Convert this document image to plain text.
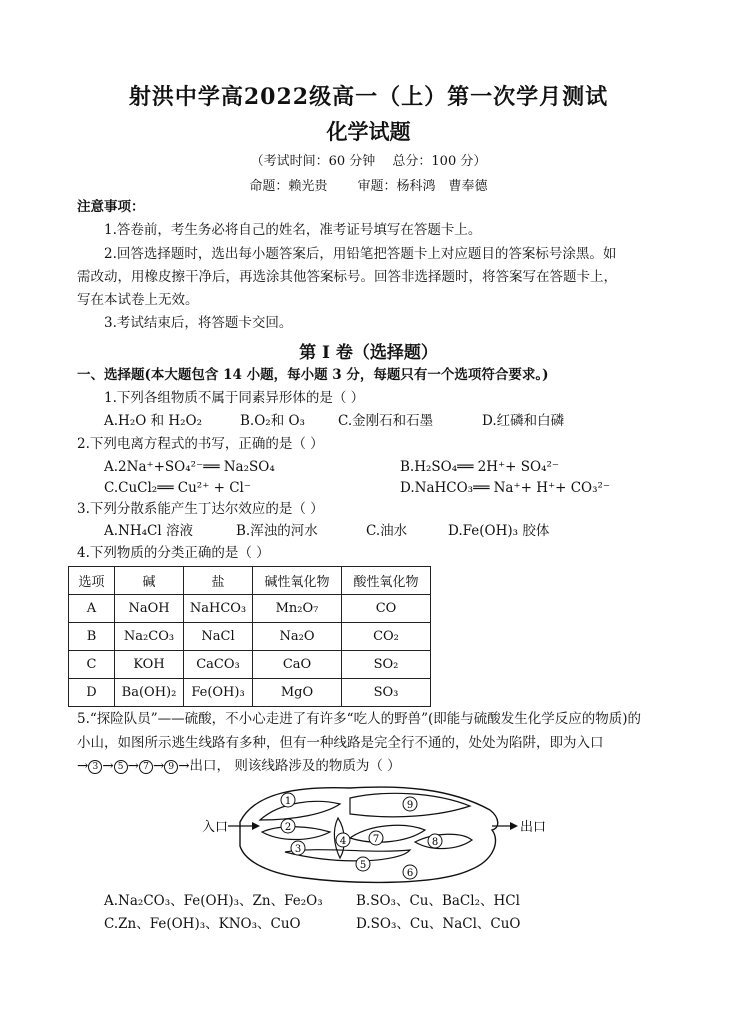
射洪中学高2022级高一（上）第一次学月测试
化学试题
（考试时间：60 分钟　 总分：100 分）
命题：赖光贵　　 审题：杨科鸿　曹奉德
注意事项：
1.答卷前，考生务必将自己的姓名，准考证号填写在答题卡上。
2.回答选择题时，选出每小题答案后，用铅笔把答题卡上对应题目的答案标号涂黑。如
需改动，用橡皮擦干净后，再选涂其他答案标号。回答非选择题时，将答案写在答题卡上，
写在本试卷上无效。
3.考试结束后，将答题卡交回。
第 I 卷（选择题）
一、选择题(本大题包含 14 小题，每小题 3 分，每题只有一个选项符合要求。)
1.下列各组物质不属于同素异形体的是（ ）
A.H₂O 和 H₂O₂	B.O₂和 O₃ C.金刚石和石墨	D.红磷和白磷
2.下列电离方程式的书写，正确的是（ ）
A.2Na⁺+SO₄²⁻══ Na₂SO₄	B.H₂SO₄══ 2H⁺+ SO₄²⁻
C.CuCl₂══ Cu²⁺ + Cl⁻	D.NaHCO₃══ Na⁺+ H⁺+ CO₃²⁻
3.下列分散系能产生丁达尔效应的是（ ）
A.NH₄Cl 溶液	B.浑浊的河水	C.油水	D.Fe(OH)₃ 胶体
4.下列物质的分类正确的是（ ）
选项	碱	盐	碱性氧化物	酸性氧化物
A	NaOH	NaHCO₃	Mn₂O₇	CO
B	Na₂CO₃	NaCl	Na₂O	CO₂
C	KOH	CaCO₃	CaO	SO₂
D	Ba(OH)₂	Fe(OH)₃	MgO	SO₃
5.“探险队员”——硫酸，不小心走进了有许多“吃人的野兽”(即能与硫酸发生化学反应的物质)的
小山，如图所示逃生线路有多种，但有一种线路是完全行不通的，处处为陷阱，即为入口
→ 3 → 5 → 7 → 9 →出口， 则该线路涉及的物质为（ ）
入口	出口
1
2
3
4
5
6
7	8
9
A.Na₂CO₃、Fe(OH)₃、Zn、Fe₂O₃ B.SO₃、Cu、BaCl₂、HCl
C.Zn、Fe(OH)₃、KNO₃、CuO	D.SO₃、Cu、NaCl、CuO
